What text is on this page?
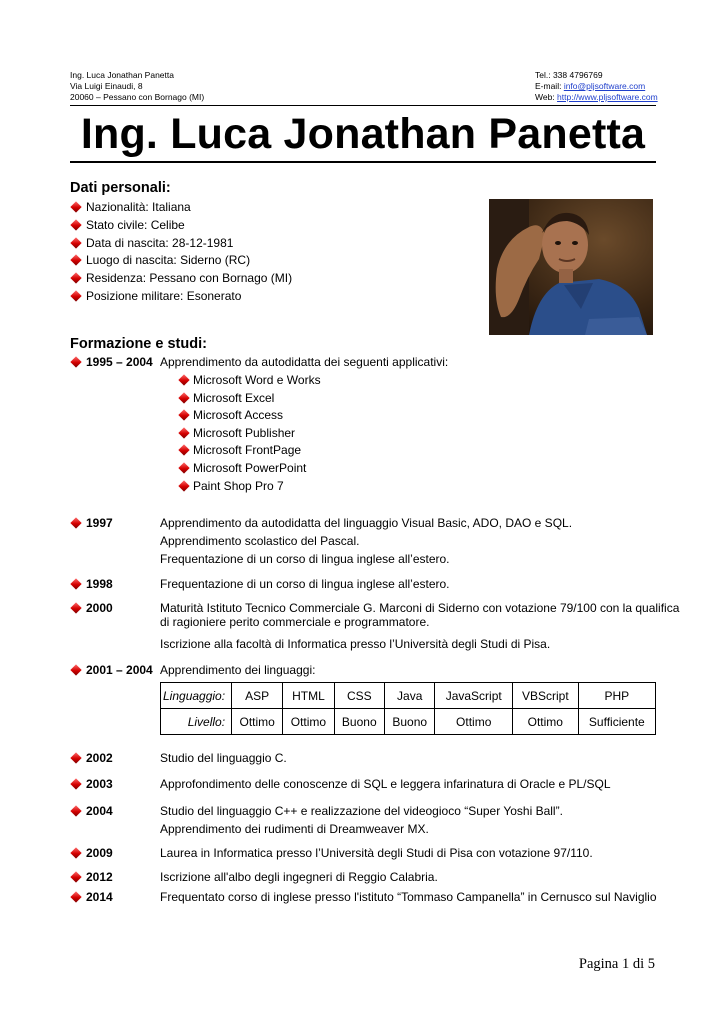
Ing. Luca Jonathan Panetta
Via Luigi Einaudi, 8
20060 – Pessano con Bornago (MI)
Tel.: 338 4796769
E-mail: info@pljsoftware.com
Web: http://www.pljsoftware.com
Ing. Luca Jonathan Panetta
Dati personali:
Nazionalità: Italiana
Stato civile: Celibe
Data di nascita: 28-12-1981
Luogo di nascita: Siderno (RC)
Residenza: Pessano con Bornago (MI)
Posizione militare: Esonerato
Formazione e studi:
1995 – 2004 Apprendimento da autodidatta dei seguenti applicativi:
Microsoft Word e Works
Microsoft Excel
Microsoft Access
Microsoft Publisher
Microsoft FrontPage
Microsoft PowerPoint
Paint Shop Pro 7
1997	Apprendimento da autodidatta del linguaggio Visual Basic, ADO, DAO e SQL.
Apprendimento scolastico del Pascal.
Frequentazione di un corso di lingua inglese all’estero.
1998	Frequentazione di un corso di lingua inglese all’estero.
2000	Maturità Istituto Tecnico Commerciale G. Marconi di Siderno con votazione 79/100 con la qualifica
di ragioniere perito commerciale e programmatore.
Iscrizione alla facoltà di Informatica presso l’Università degli Studi di Pisa.
2001 – 2004 Apprendimento dei linguaggi:
2002	Studio del linguaggio C.
2003	Approfondimento delle conoscenze di SQL e leggera infarinatura di Oracle e PL/SQL
2004	Studio del linguaggio C++ e realizzazione del videogioco “Super Yoshi Ball”.
Apprendimento dei rudimenti di Dreamweaver MX.
2009	Laurea in Informatica presso l’Università degli Studi di Pisa con votazione 97/110.
2012	Iscrizione all'albo degli ingegneri di Reggio Calabria.
2014	Frequentato corso di inglese presso l'istituto “Tommaso Campanella” in Cernusco sul Naviglio
Linguaggio:	ASP	HTML	CSS	Java	JavaScript	VBScript	PHP
Livello:	Ottimo	Ottimo	Buono	Buono	Ottimo	Ottimo	Sufficiente
Pagina 1 di 5
